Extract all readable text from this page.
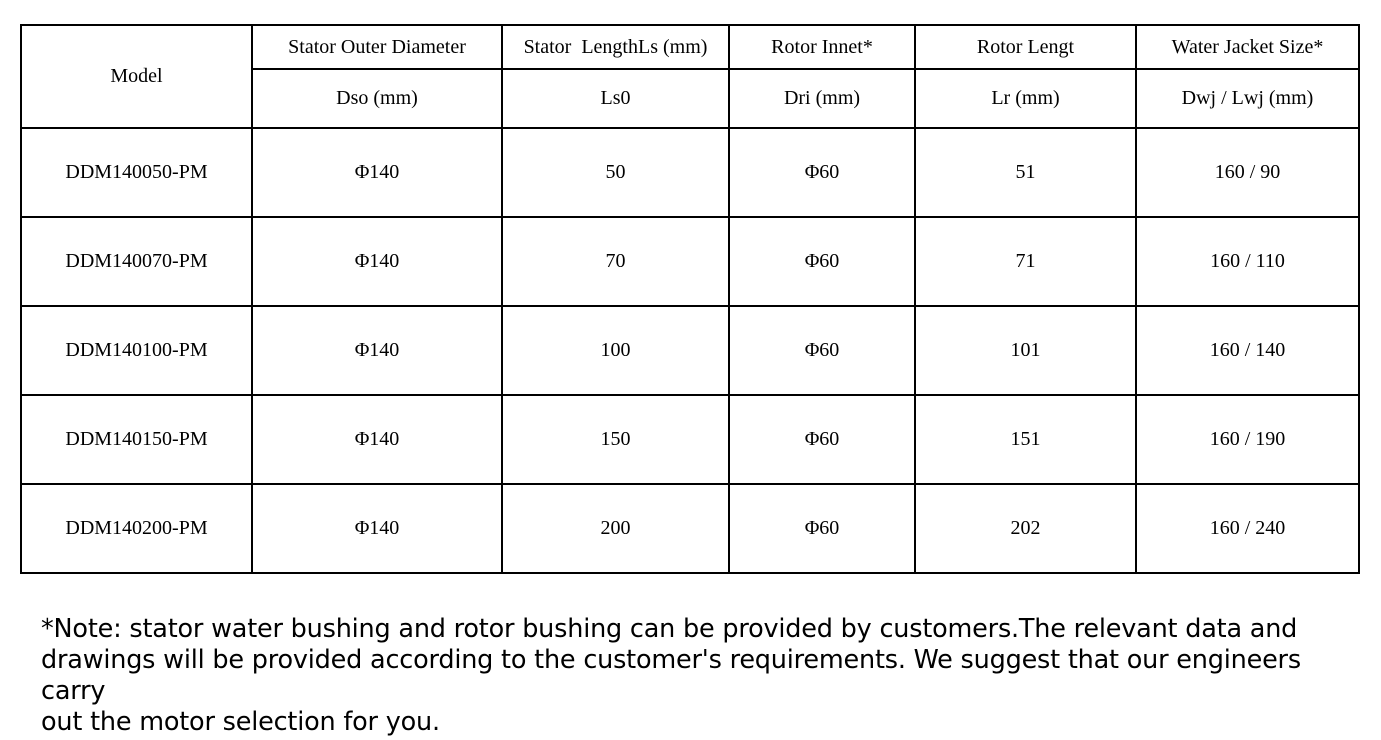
Model	Stator Outer Diameter	Stator  LengthLs (mm)	Rotor Innet*	Rotor Lengt	Water Jacket Size*
	Dso (mm)	Ls0	Dri (mm)	Lr (mm)	Dwj / Lwj (mm)
DDM140050-PM	Φ140	50	Φ60	51	160 / 90
DDM140070-PM	Φ140	70	Φ60	71	160 / 110
DDM140100-PM	Φ140	100	Φ60	101	160 / 140
DDM140150-PM	Φ140	150	Φ60	151	160 / 190
DDM140200-PM	Φ140	200	Φ60	202	160 / 240

*Note: stator water bushing and rotor bushing can be provided by customers.The relevant data and
drawings will be provided according to the customer's requirements. We suggest that our engineers carry
out the motor selection for you.
